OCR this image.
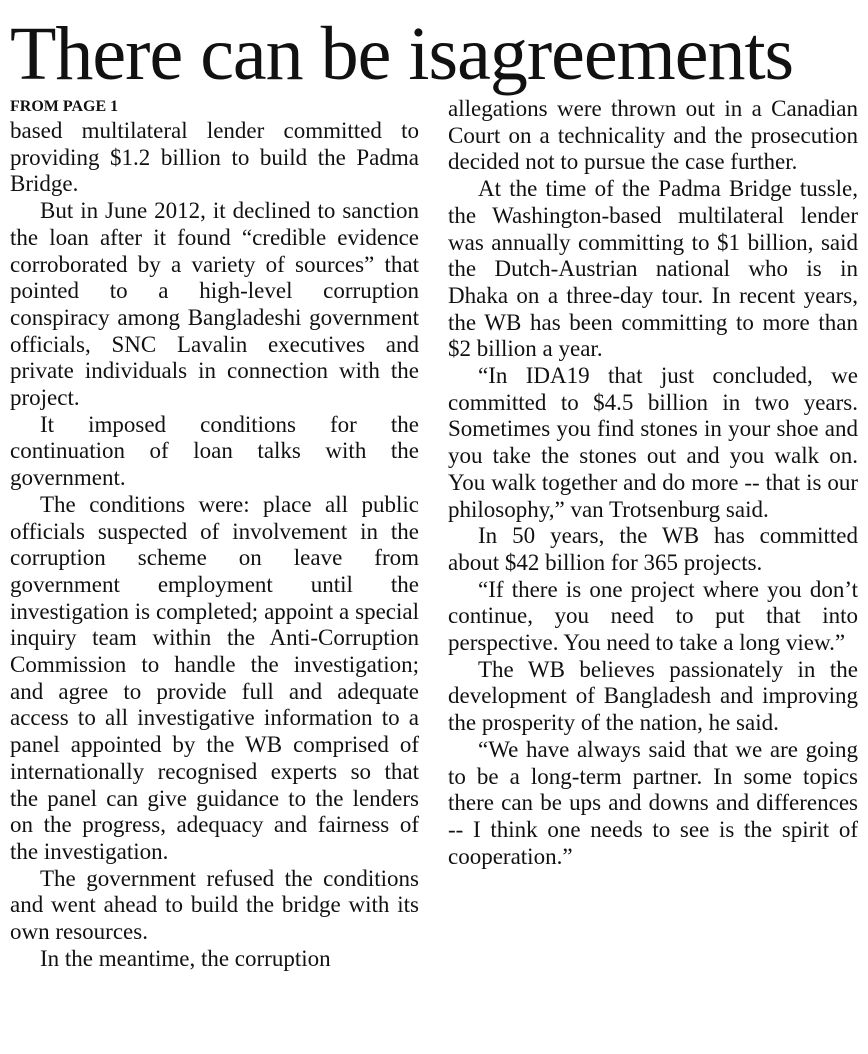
There can be isagreements
FROM PAGE 1

based multilateral lender committed to providing $1.2 billion to build the Padma Bridge.

But in June 2012, it declined to sanction the loan after it found “credible evidence corroborated by a variety of sources” that pointed to a high-level corruption conspiracy among Bangladeshi government officials, SNC Lavalin executives and private individuals in connection with the project.

It imposed conditions for the continuation of loan talks with the government.

The conditions were: place all public officials suspected of involvement in the corruption scheme on leave from government employment until the investigation is completed; appoint a special inquiry team within the Anti-Corruption Commission to handle the investigation; and agree to provide full and adequate access to all investigative information to a panel appointed by the WB comprised of internationally recognised experts so that the panel can give guidance to the lenders on the progress, adequacy and fairness of the investigation.

The government refused the conditions and went ahead to build the bridge with its own resources.

In the meantime, the corruption

allegations were thrown out in a Canadian Court on a technicality and the prosecution decided not to pursue the case further.

At the time of the Padma Bridge tussle, the Washington-based multilateral lender was annually committing to $1 billion, said the Dutch-Austrian national who is in Dhaka on a three-day tour. In recent years, the WB has been committing to more than $2 billion a year.

“In IDA19 that just concluded, we committed to $4.5 billion in two years. Sometimes you find stones in your shoe and you take the stones out and you walk on. You walk together and do more -- that is our philosophy,” van Trotsenburg said.

In 50 years, the WB has committed about $42 billion for 365 projects.

“If there is one project where you don’t continue, you need to put that into perspective. You need to take a long view.”

The WB believes passionately in the development of Bangladesh and improving the prosperity of the nation, he said.

“We have always said that we are going to be a long-term partner. In some topics there can be ups and downs and differences -- I think one needs to see is the spirit of cooperation.”
